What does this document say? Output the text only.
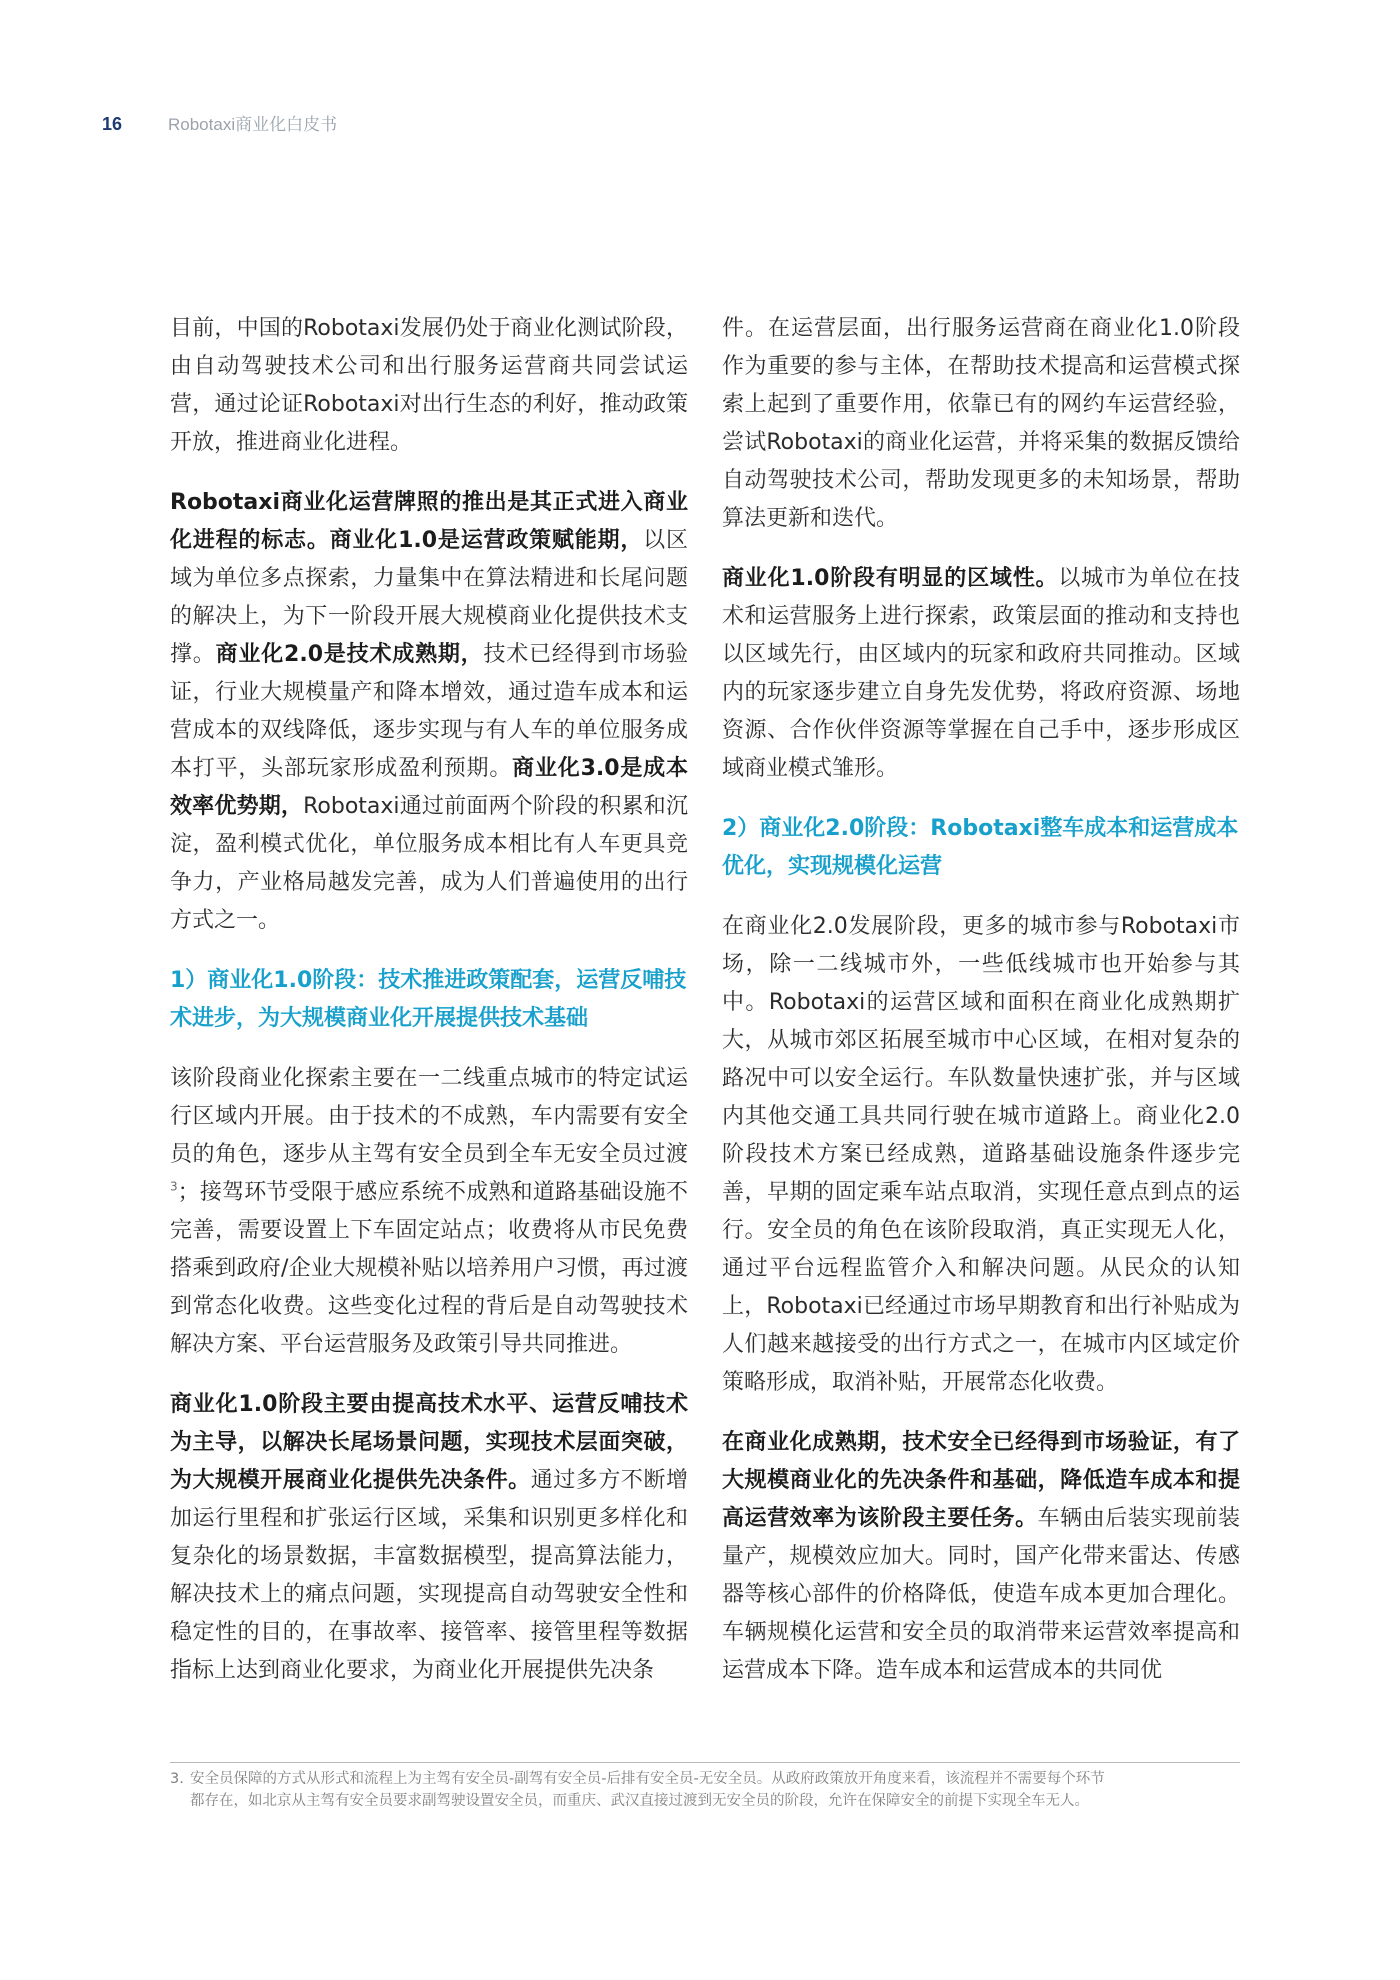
16	Robotaxi商业化白皮书

目前，中国的Robotaxi发展仍处于商业化测试阶段，由自动驾驶技术公司和出行服务运营商共同尝试运营，通过论证Robotaxi对出行生态的利好，推动政策开放，推进商业化进程。

Robotaxi商业化运营牌照的推出是其正式进入商业化进程的标志。商业化1.0是运营政策赋能期，以区域为单位多点探索，力量集中在算法精进和长尾问题的解决上，为下一阶段开展大规模商业化提供技术支撑。商业化2.0是技术成熟期，技术已经得到市场验证，行业大规模量产和降本增效，通过造车成本和运营成本的双线降低，逐步实现与有人车的单位服务成本打平，头部玩家形成盈利预期。商业化3.0是成本效率优势期，Robotaxi通过前面两个阶段的积累和沉淀，盈利模式优化，单位服务成本相比有人车更具竞争力，产业格局越发完善，成为人们普遍使用的出行方式之一。

1）商业化1.0阶段：技术推进政策配套，运营反哺技术进步，为大规模商业化开展提供技术基础

该阶段商业化探索主要在一二线重点城市的特定试运行区域内开展。由于技术的不成熟，车内需要有安全员的角色，逐步从主驾有安全员到全车无安全员过渡$^3$；接驾环节受限于感应系统不成熟和道路基础设施不完善，需要设置上下车固定站点；收费将从市民免费搭乘到政府/企业大规模补贴以培养用户习惯，再过渡到常态化收费。这些变化过程的背后是自动驾驶技术解决方案、平台运营服务及政策引导共同推进。

商业化1.0阶段主要由提高技术水平、运营反哺技术为主导，以解决长尾场景问题，实现技术层面突破，为大规模开展商业化提供先决条件。通过多方不断增加运行里程和扩张运行区域，采集和识别更多样化和复杂化的场景数据，丰富数据模型，提高算法能力，解决技术上的痛点问题，实现提高自动驾驶安全性和稳定性的目的，在事故率、接管率、接管里程等数据指标上达到商业化要求，为商业化开展提供先决条

件。在运营层面，出行服务运营商在商业化1.0阶段作为重要的参与主体，在帮助技术提高和运营模式探索上起到了重要作用，依靠已有的网约车运营经验，尝试Robotaxi的商业化运营，并将采集的数据反馈给自动驾驶技术公司，帮助发现更多的未知场景，帮助算法更新和迭代。

商业化1.0阶段有明显的区域性。以城市为单位在技术和运营服务上进行探索，政策层面的推动和支持也以区域先行，由区域内的玩家和政府共同推动。区域内的玩家逐步建立自身先发优势，将政府资源、场地资源、合作伙伴资源等掌握在自己手中，逐步形成区域商业模式雏形。

2）商业化2.0阶段：Robotaxi整车成本和运营成本优化，实现规模化运营

在商业化2.0发展阶段，更多的城市参与Robotaxi市场，除一二线城市外，一些低线城市也开始参与其中。Robotaxi的运营区域和面积在商业化成熟期扩大，从城市郊区拓展至城市中心区域，在相对复杂的路况中可以安全运行。车队数量快速扩张，并与区域内其他交通工具共同行驶在城市道路上。商业化2.0阶段技术方案已经成熟，道路基础设施条件逐步完善，早期的固定乘车站点取消，实现任意点到点的运行。安全员的角色在该阶段取消，真正实现无人化，通过平台远程监管介入和解决问题。从民众的认知上，Robotaxi已经通过市场早期教育和出行补贴成为人们越来越接受的出行方式之一，在城市内区域定价策略形成，取消补贴，开展常态化收费。

在商业化成熟期，技术安全已经得到市场验证，有了大规模商业化的先决条件和基础，降低造车成本和提高运营效率为该阶段主要任务。车辆由后装实现前装量产，规模效应加大。同时，国产化带来雷达、传感器等核心部件的价格降低，使造车成本更加合理化。车辆规模化运营和安全员的取消带来运营效率提高和运营成本下降。造车成本和运营成本的共同优

3. 安全员保障的方式从形式和流程上为主驾有安全员-副驾有安全员-后排有安全员-无安全员。从政府政策放开角度来看，该流程并不需要每个环节
都存在，如北京从主驾有安全员要求副驾驶设置安全员，而重庆、武汉直接过渡到无安全员的阶段，允许在保障安全的前提下实现全车无人。
